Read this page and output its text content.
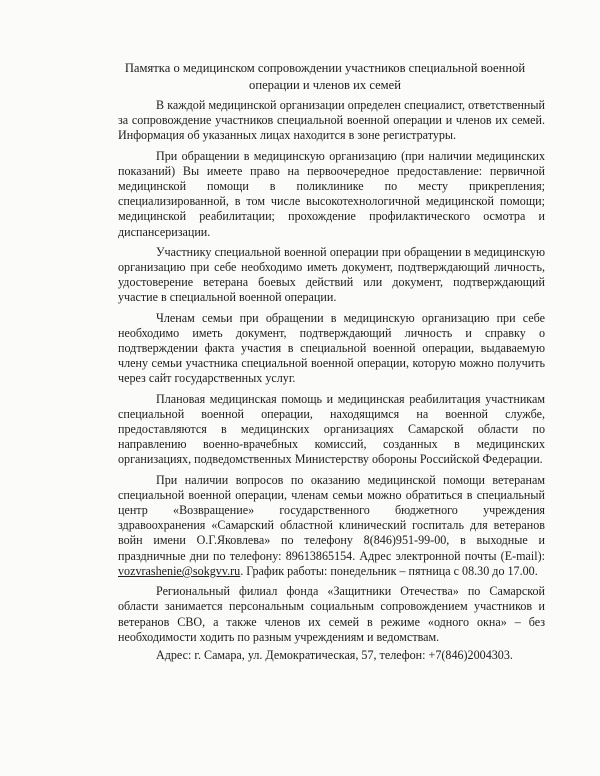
Памятка о медицинском сопровождении участников специальной военной операции и членов их семей

В каждой медицинской организации определен специалист, ответственный за сопровождение участников специальной военной операции и членов их семей. Информация об указанных лицах находится в зоне регистратуры.

При обращении в медицинскую организацию (при наличии медицинских показаний) Вы имеете право на первоочередное предоставление: первичной медицинской помощи в поликлинике по месту прикрепления; специализированной, в том числе высокотехнологичной медицинской помощи; медицинской реабилитации; прохождение профилактического осмотра и диспансеризации.

Участнику специальной военной операции при обращении в медицинскую организацию при себе необходимо иметь документ, подтверждающий личность, удостоверение ветерана боевых действий или документ, подтверждающий участие в специальной военной операции.

Членам семьи при обращении в медицинскую организацию при себе необходимо иметь документ, подтверждающий личность и справку о подтверждении факта участия в специальной военной операции, выдаваемую члену семьи участника специальной военной операции, которую можно получить через сайт государственных услуг.

Плановая медицинская помощь и медицинская реабилитация участникам специальной военной операции, находящимся на военной службе, предоставляются в медицинских организациях Самарской области по направлению военно-врачебных комиссий, созданных в медицинских организациях, подведомственных Министерству обороны Российской Федерации.

При наличии вопросов по оказанию медицинской помощи ветеранам специальной военной операции, членам семьи можно обратиться в специальный центр «Возвращение» государственного бюджетного учреждения здравоохранения «Самарский областной клинический госпиталь для ветеранов войн имени О.Г.Яковлева» по телефону 8(846)951-99-00, в выходные и праздничные дни по телефону: 89613865154. Адрес электронной почты (E-mail): vozvrashenie@sokgvv.ru. График работы: понедельник – пятница с 08.30 до 17.00.

Региональный филиал фонда «Защитники Отечества» по Самарской области занимается персональным социальным сопровождением участников и ветеранов СВО, а также членов их семей в режиме «одного окна» – без необходимости ходить по разным учреждениям и ведомствам.

Адрес: г. Самара, ул. Демократическая, 57, телефон: +7(846)2004303.
